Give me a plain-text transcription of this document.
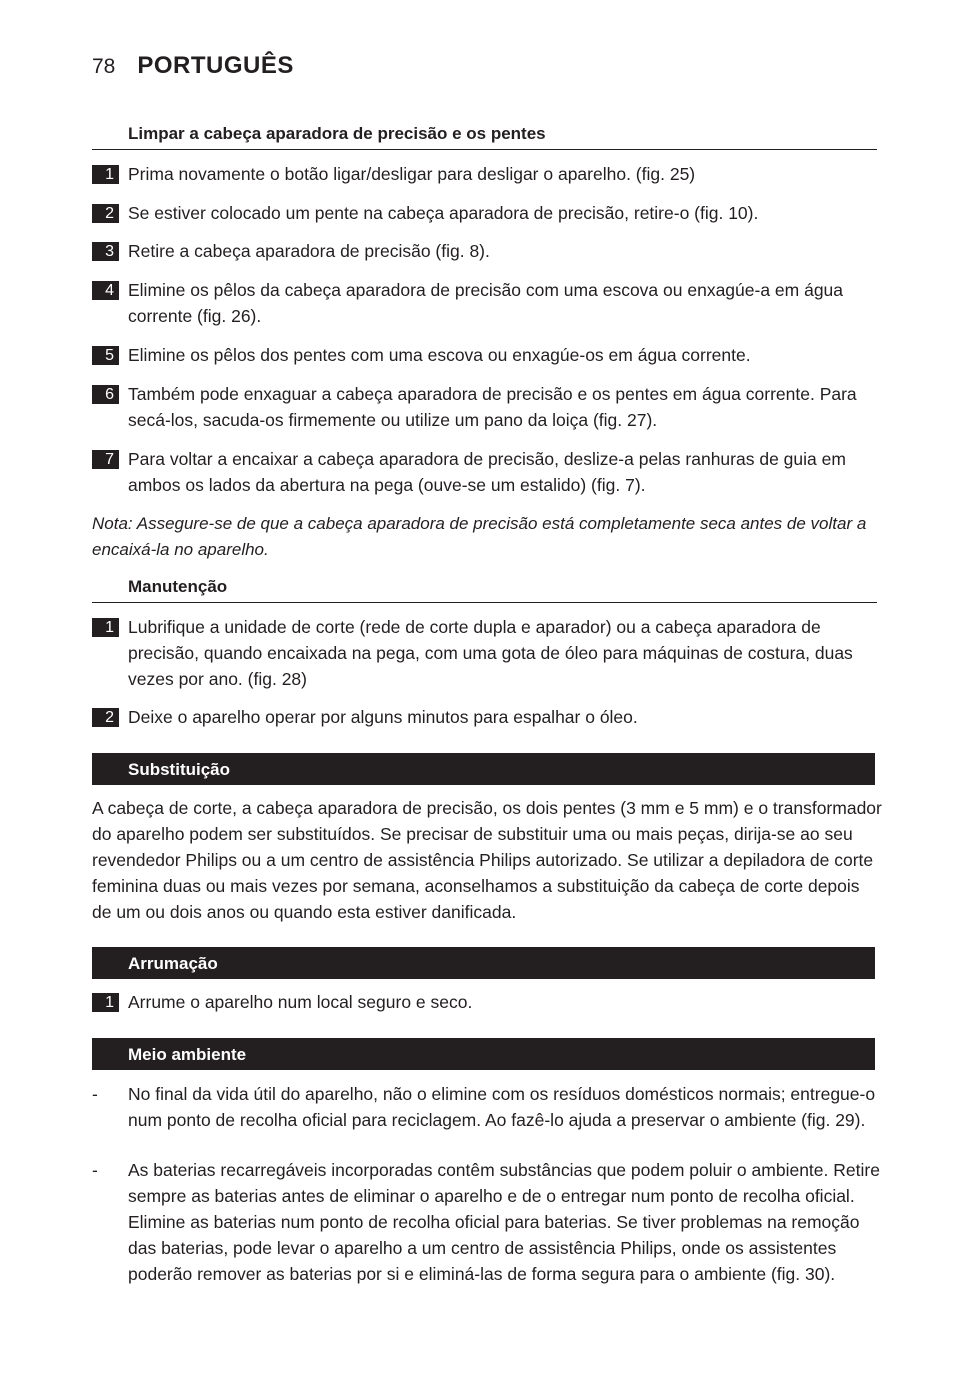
78 PORTUGUÊS
Limpar a cabeça aparadora de precisão e os pentes
1 Prima novamente o botão ligar/desligar para desligar o aparelho. (fig. 25)
2 Se estiver colocado um pente na cabeça aparadora de precisão, retire-o (fig. 10).
3 Retire a cabeça aparadora de precisão (fig. 8).
4 Elimine os pêlos da cabeça aparadora de precisão com uma escova ou enxagúe-a em água corrente (fig. 26).
5 Elimine os pêlos dos pentes com uma escova ou enxagúe-os em água corrente.
6 Também pode enxaguar a cabeça aparadora de precisão e os pentes em água corrente. Para secá-los, sacuda-os firmemente ou utilize um pano da loiça (fig. 27).
7 Para voltar a encaixar a cabeça aparadora de precisão, deslize-a pelas ranhuras de guia em ambos os lados da abertura na pega (ouve-se um estalido) (fig. 7).
Nota: Assegure-se de que a cabeça aparadora de precisão está completamente seca antes de voltar a encaixá-la no aparelho.
Manutenção
1 Lubrifique a unidade de corte (rede de corte dupla e aparador) ou a cabeça aparadora de precisão, quando encaixada na pega, com uma gota de óleo para máquinas de costura, duas vezes por ano. (fig. 28)
2 Deixe o aparelho operar por alguns minutos para espalhar o óleo.
Substituição
A cabeça de corte, a cabeça aparadora de precisão, os dois pentes (3 mm e 5 mm) e o transformador do aparelho podem ser substituídos. Se precisar de substituir uma ou mais peças, dirija-se ao seu revendedor Philips ou a um centro de assistência Philips autorizado. Se utilizar a depiladora de corte feminina duas ou mais vezes por semana, aconselhamos a substituição da cabeça de corte depois de um ou dois anos ou quando esta estiver danificada.
Arrumação
1 Arrume o aparelho num local seguro e seco.
Meio ambiente
- No final da vida útil do aparelho, não o elimine com os resíduos domésticos normais; entregue-o num ponto de recolha oficial para reciclagem. Ao fazê-lo ajuda a preservar o ambiente (fig. 29).
- As baterias recarregáveis incorporadas contêm substâncias que podem poluir o ambiente. Retire sempre as baterias antes de eliminar o aparelho e de o entregar num ponto de recolha oficial. Elimine as baterias num ponto de recolha oficial para baterias. Se tiver problemas na remoção das baterias, pode levar o aparelho a um centro de assistência Philips, onde os assistentes poderão remover as baterias por si e eliminá-las de forma segura para o ambiente (fig. 30).
